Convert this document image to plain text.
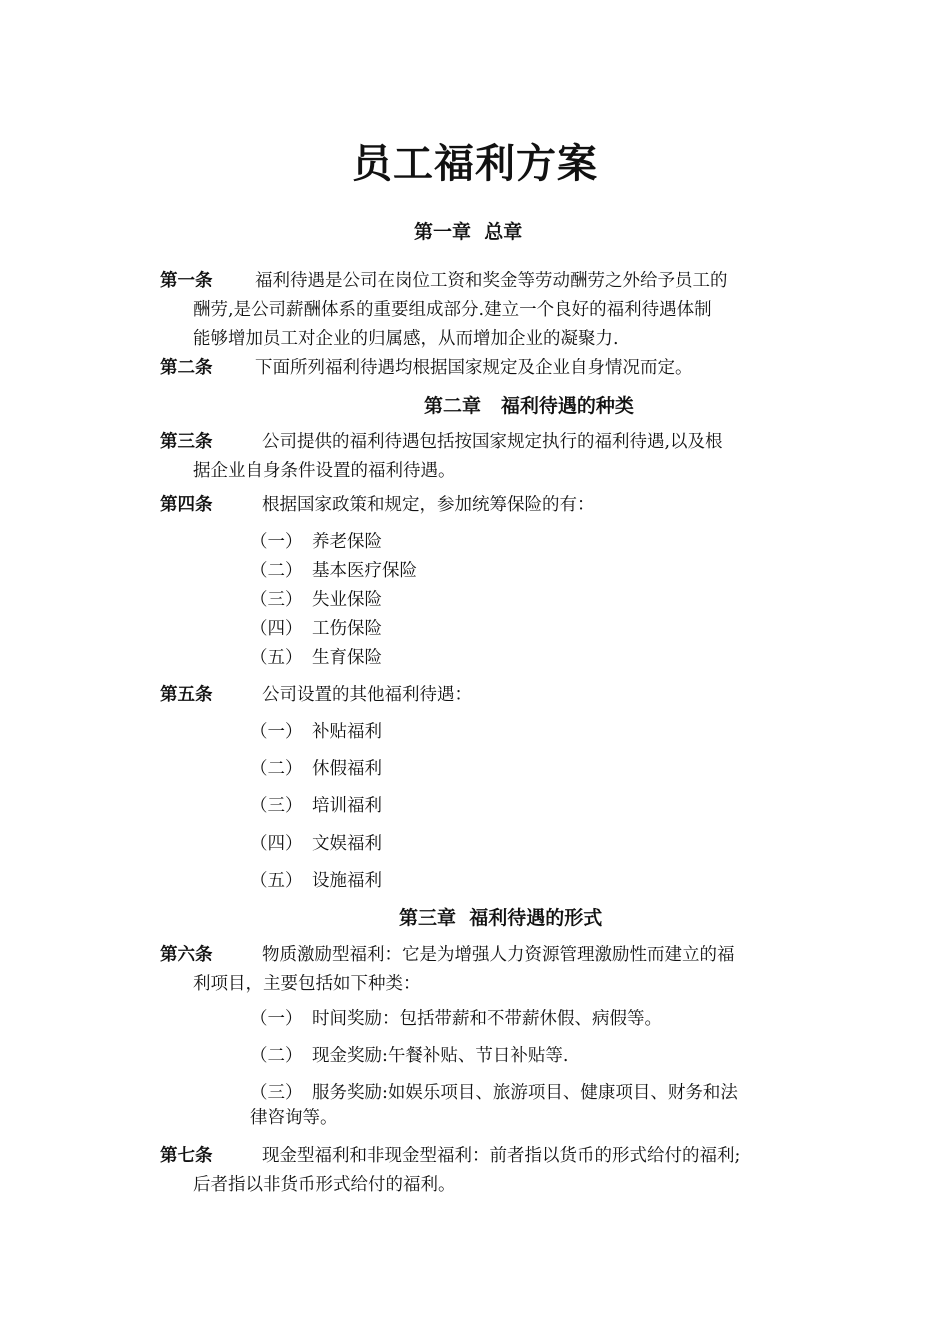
员工福利方案
第一章  总章
第一条 福利待遇是公司在岗位工资和奖金等劳动酬劳之外给予员工的
酬劳,是公司薪酬体系的重要组成部分.建立一个良好的福利待遇体制
能够增加员工对企业的归属感，从而增加企业的凝聚力.
第二条 下面所列福利待遇均根据国家规定及企业自身情况而定。
第二章   福利待遇的种类
第三条	公司提供的福利待遇包括按国家规定执行的福利待遇,以及根
据企业自身条件设置的福利待遇。
第四条	根据国家政策和规定，参加统筹保险的有：
（一） 养老保险
（二） 基本医疗保险
（三） 失业保险
（四） 工伤保险
（五） 生育保险
第五条	公司设置的其他福利待遇：
（一） 补贴福利
（二） 休假福利
（三） 培训福利
（四） 文娱福利
（五） 设施福利
第三章  福利待遇的形式
第六条	物质激励型福利：它是为增强人力资源管理激励性而建立的福
利项目，主要包括如下种类：
（一） 时间奖励：包括带薪和不带薪休假、病假等。
（二） 现金奖励:午餐补贴、节日补贴等.
（三） 服务奖励:如娱乐项目、旅游项目、健康项目、财务和法
律咨询等。
第七条	现金型福利和非现金型福利：前者指以货币的形式给付的福利;
后者指以非货币形式给付的福利。
